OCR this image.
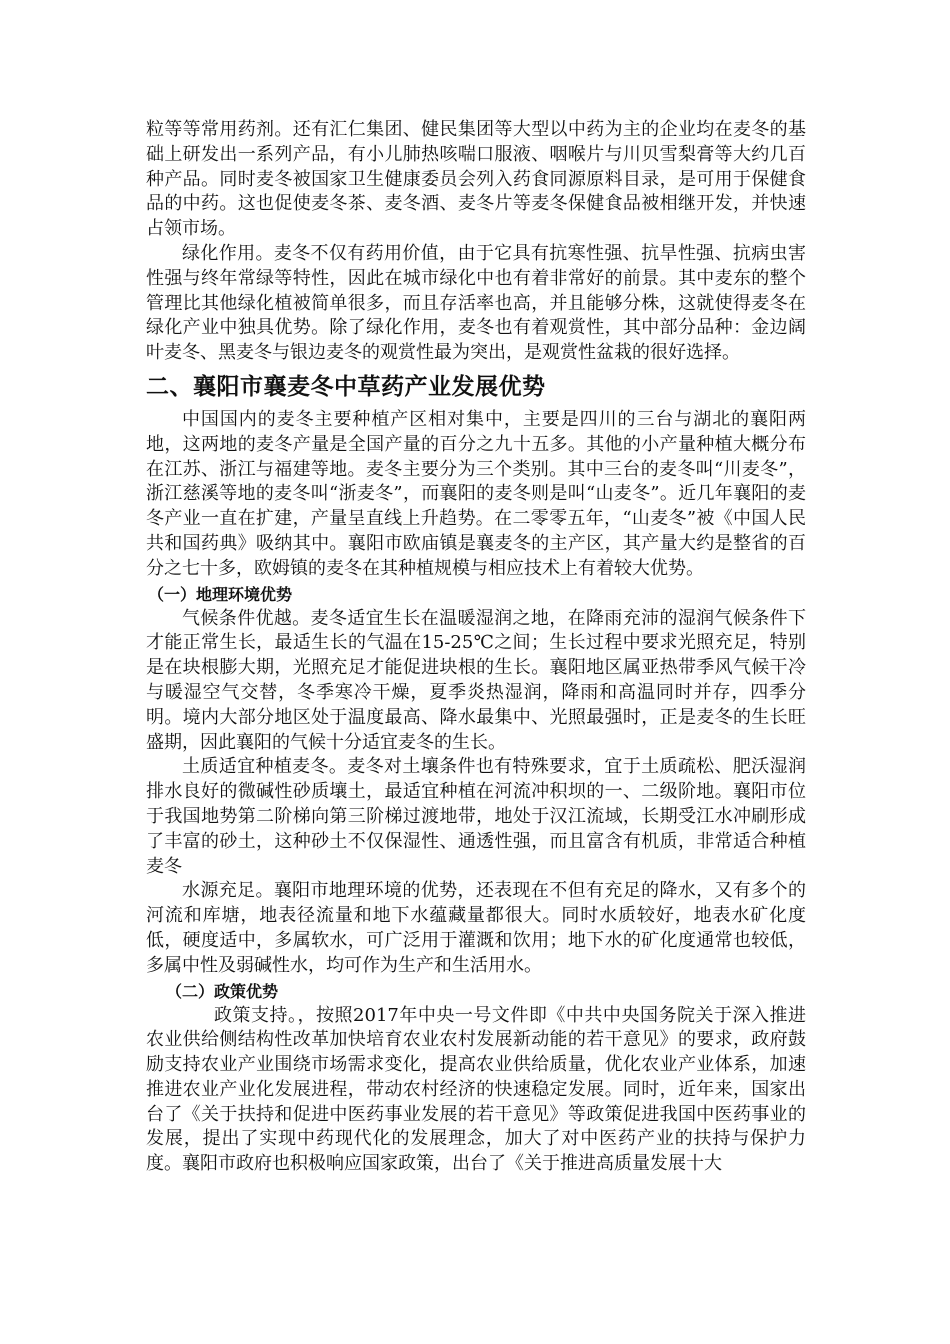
粒等等常用药剂。还有汇仁集团、健民集团等大型以中药为主的企业均在麦冬的基础上研发出一系列产品，有小儿肺热咳喘口服液、咽喉片与川贝雪梨膏等大约几百种产品。同时麦冬被国家卫生健康委员会列入药食同源原料目录，是可用于保健食品的中药。这也促使麦冬茶、麦冬酒、麦冬片等麦冬保健食品被相继开发，并快速占领市场。

绿化作用。麦冬不仅有药用价值，由于它具有抗寒性强、抗旱性强、抗病虫害性强与终年常绿等特性，因此在城市绿化中也有着非常好的前景。其中麦东的整个管理比其他绿化植被简单很多，而且存活率也高，并且能够分株，这就使得麦冬在绿化产业中独具优势。除了绿化作用，麦冬也有着观赏性，其中部分品种：金边阔叶麦冬、黑麦冬与银边麦冬的观赏性最为突出，是观赏性盆栽的很好选择。

二、襄阳市襄麦冬中草药产业发展优势

中国国内的麦冬主要种植产区相对集中，主要是四川的三台与湖北的襄阳两地，这两地的麦冬产量是全国产量的百分之九十五多。其他的小产量种植大概分布在江苏、浙江与福建等地。麦冬主要分为三个类别。其中三台的麦冬叫“川麦冬”，浙江慈溪等地的麦冬叫“浙麦冬”，而襄阳的麦冬则是叫“山麦冬”。近几年襄阳的麦冬产业一直在扩建，产量呈直线上升趋势。在二零零五年，“山麦冬”被《中国人民共和国药典》吸纳其中。襄阳市欧庙镇是襄麦冬的主产区，其产量大约是整省的百分之七十多，欧姆镇的麦冬在其种植规模与相应技术上有着较大优势。

（一）地理环境优势

气候条件优越。麦冬适宜生长在温暖湿润之地，在降雨充沛的湿润气候条件下才能正常生长，最适生长的气温在15-25℃之间；生长过程中要求光照充足，特别是在块根膨大期，光照充足才能促进块根的生长。襄阳地区属亚热带季风气候干冷与暖湿空气交替，冬季寒冷干燥，夏季炎热湿润，降雨和高温同时并存，四季分明。境内大部分地区处于温度最高、降水最集中、光照最强时，正是麦冬的生长旺盛期，因此襄阳的气候十分适宜麦冬的生长。

土质适宜种植麦冬。麦冬对土壤条件也有特殊要求，宜于土质疏松、肥沃湿润排水良好的微碱性砂质壤土，最适宜种植在河流冲积坝的一、二级阶地。襄阳市位于我国地势第二阶梯向第三阶梯过渡地带，地处于汉江流域，长期受江水冲刷形成了丰富的砂土，这种砂土不仅保湿性、通透性强，而且富含有机质，非常适合种植麦冬

水源充足。襄阳市地理环境的优势，还表现在不但有充足的降水，又有多个的河流和库塘，地表径流量和地下水蕴藏量都很大。同时水质较好，地表水矿化度低，硬度适中，多属软水，可广泛用于灌溉和饮用；地下水的矿化度通常也较低，多属中性及弱碱性水，均可作为生产和生活用水。

（二）政策优势

政策支持。，按照2017年中央一号文件即《中共中央国务院关于深入推进农业供给侧结构性改革加快培育农业农村发展新动能的若干意见》的要求，政府鼓励支持农业产业围绕市场需求变化，提高农业供给质量，优化农业产业体系，加速推进农业产业化发展进程，带动农村经济的快速稳定发展。同时，近年来，国家出台了《关于扶持和促进中医药事业发展的若干意见》等政策促进我国中医药事业的发展，提出了实现中药现代化的发展理念，加大了对中医药产业的扶持与保护力度。襄阳市政府也积极响应国家政策，出台了《关于推进高质量发展十大
